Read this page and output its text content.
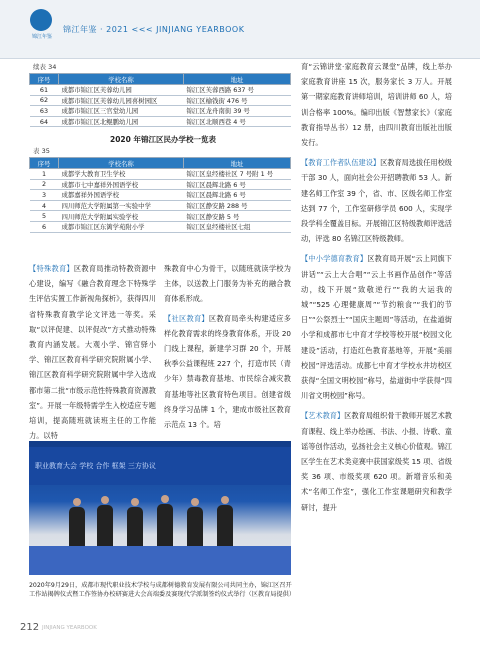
锦江年鉴
锦江年鉴 · 2021 <<< JINJIANG YEARBOOK
续表 34
序号	学校名称	地址
61	成都市锦江区芙蓉幼儿园	锦江区芙蓉西路 637 号
62	成都市锦江区芙蓉幼儿园喜树园区	锦江区榆钱街 476 号
63	成都市锦江区三官堂幼儿园	锦江区龙舟南街 39 号
64	成都市锦江区北鲲鹏幼儿园	锦江区北顺西巷 4 号
2020 年锦江区民办学校一览表
表 35
序号	学校名称	地址
1	成都学大教育卫生学校	锦江区皇经楼社区 7 号附 1 号
2	成都市七中嘉祥外国语学校	锦江区晨辉北路 6 号
3	成都嘉祥外国语学校	锦江区晨辉北路 6 号
4	四川师范大学附属第一实验中学	锦江区静安路 288 号
5	四川师范大学附属实验学校	锦江区静安路 5 号
6	成都市锦江区东篱学苑附小学	锦江区皇经楼社区七组

【特殊教育】区教育局推动特教资源中心建设，编写《融合教育理念下特殊学生评估实置工作新视角探析》，获得四川省特殊教育教学论文评选一等奖。采取“以评促建、以评促改”方式推动特殊教育内涵发展。大观小学、锦官驿小学、锦江区教育科学研究院附属小学、锦江区教育科学研究院附属中学入选成都市第二批“市级示范性特殊教育资源教室”。开展一年级特需学生入校适应专题培训，提高随班就读班主任的工作能力。以特

殊教育中心为骨干，以随班就读学校为主体，以送教上门服务为补充的融合教育体系形成。

【社区教育】区教育局牵头构建适应多样化教育需求的终身教育体系，开设 20 门线上课程，新建学习群 20 个，开展秋季公益课程班 227 个，打造市民（青少年）禁毒教育基地、市民综合减灾教育基地等社区教育特色项目。创建省级终身学习品牌 1 个，建成市级社区教育示范点 13 个。培

职业教育大会 学校 合作 框架 三方协议
2020年9月29日，成都市现代职业技术学校与成都树德教育发展有限公司共同主办，锦江区召开工作站揭牌仪式暨工作签协办校研赛进大会高端委及赛现代学派制签约仪式举行（区教育局提供）

育“云锦讲堂·家庭教育云课堂”品牌，线上举办家庭教育讲座 15 次，服务家长 3 万人。开展第一期家庭教育讲师培训，培训讲师 60 人，培训合格率 100%。编印出版《智慧家长》（家庭教育指导丛书）12 册，由四川教育出版社出版发行。

【教育工作者队伍建设】区教育局选拔任用校级干部 30 人，面向社会公开招聘教师 53 人。新建名师工作室 39 个，省、市、区级名师工作室达到 77 个，工作室研修学员 600 人，实现学段学科全覆盖目标。开展锦江区特级教师评选活动，评选 80 名锦江区特级教师。

【中小学德育教育】区教育局开展“云上同旗下讲话”“云上大合唱”“云上书画作品创作”等活动，线下开展“致敬逆行”“我的大运我的城”“525 心理健康周”“节约粮食”“我们的节日”“公祭烈士”“国庆主题周”等活动，在盐道街小学和成都市七中育才学校等校开展“校园文化建设”活动，打造红色教育基地等，开展“美丽校园”评选活动。成都七中育才学校水井坊校区获得“全国文明校园”称号，盐道街中学获得“四川省文明校园”称号。

【艺术教育】区教育局组织骨干教师开展艺术教育课程、线上举办绘画、书法、小报、诗歌、童谣等创作活动，弘扬社会主义核心价值观。锦江区学生在艺术类竞赛中获国家级奖 15 项、省级奖 36 项、市级奖项 620 项。新增音乐和美术“名师工作室”，强化工作室课题研究和教学研讨，提升

212 JINJIANG YEARBOOK
